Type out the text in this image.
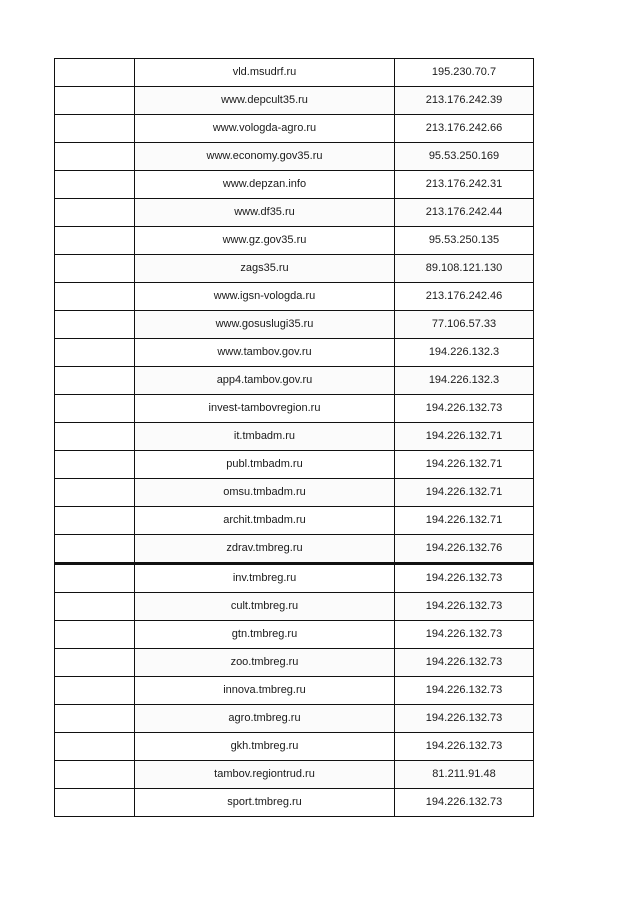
	vld.msudrf.ru	195.230.70.7
	www.depcult35.ru	213.176.242.39
	www.vologda-agro.ru	213.176.242.66
	www.economy.gov35.ru	95.53.250.169
	www.depzan.info	213.176.242.31
	www.df35.ru	213.176.242.44
	www.gz.gov35.ru	95.53.250.135
	zags35.ru	89.108.121.130
	www.igsn-vologda.ru	213.176.242.46
	www.gosuslugi35.ru	77.106.57.33
	www.tambov.gov.ru	194.226.132.3
	app4.tambov.gov.ru	194.226.132.3
	invest-tambovregion.ru	194.226.132.73
	it.tmbadm.ru	194.226.132.71
	publ.tmbadm.ru	194.226.132.71
	omsu.tmbadm.ru	194.226.132.71
	archit.tmbadm.ru	194.226.132.71
	zdrav.tmbreg.ru	194.226.132.76
	inv.tmbreg.ru	194.226.132.73
	cult.tmbreg.ru	194.226.132.73
	gtn.tmbreg.ru	194.226.132.73
	zoo.tmbreg.ru	194.226.132.73
	innova.tmbreg.ru	194.226.132.73
	agro.tmbreg.ru	194.226.132.73
	gkh.tmbreg.ru	194.226.132.73
	tambov.regiontrud.ru	81.211.91.48
	sport.tmbreg.ru	194.226.132.73
